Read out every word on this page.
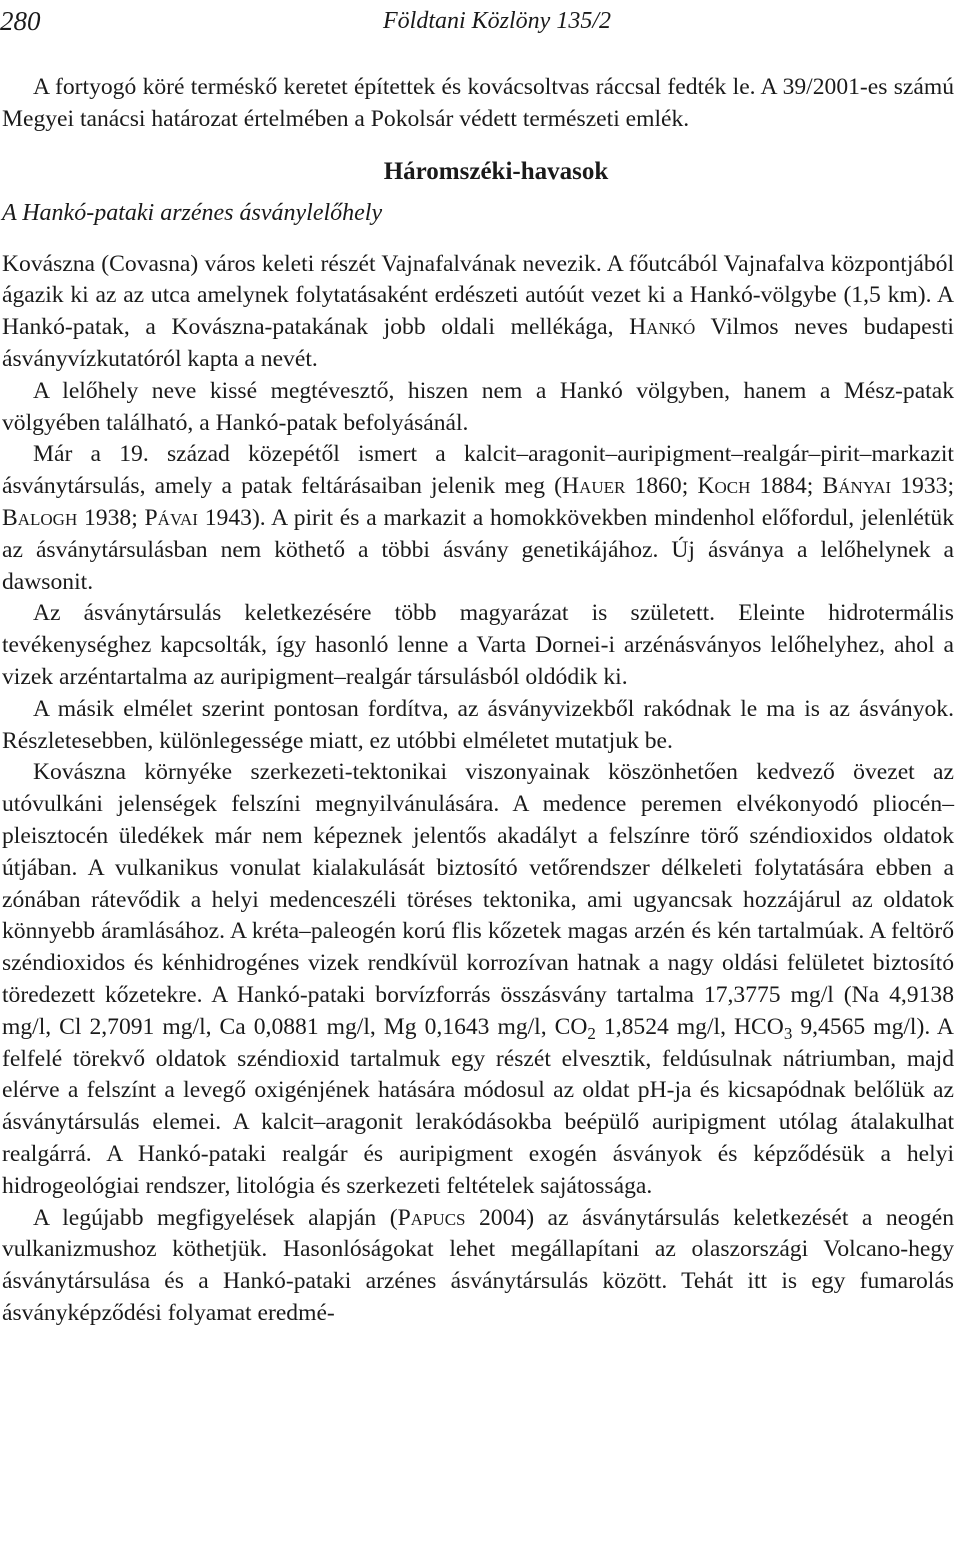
280	Földtani Közlöny 135/2

A fortyogó köré terméskő keretet építettek és kovácsoltvas ráccsal fedték le. A 39/2001-es számú Megyei tanácsi határozat értelmében a Pokolsár védett természeti emlék.

Háromszéki-havasok
A Hankó-pataki arzénes ásványlelőhely

Kovászna (Covasna) város keleti részét Vajnafalvának nevezik. A főutcából Vajnafalva központjából ágazik ki az az utca amelynek folytatásaként erdészeti autóút vezet ki a Hankó-völgybe (1,5 km). A Hankó-patak, a Kovászna-patakának jobb oldali mellékága, Hankó Vilmos neves budapesti ásványvízkutatóról kapta a nevét.

A lelőhely neve kissé megtévesztő, hiszen nem a Hankó völgyben, hanem a Mész-patak völgyében található, a Hankó-patak befolyásánál.

Már a 19. század közepétől ismert a kalcit–aragonit–auripigment–realgár–pirit–markazit ásványtársulás, amely a patak feltárásaiban jelenik meg (Hauer 1860; Koch 1884; Bányai 1933; Balogh 1938; Pávai 1943). A pirit és a markazit a homokkövekben mindenhol előfordul, jelenlétük az ásványtársulásban nem köthető a többi ásvány genetikájához. Új ásványa a lelőhelynek a dawsonit.

Az ásványtársulás keletkezésére több magyarázat is született. Eleinte hidrotermális tevékenységhez kapcsolták, így hasonló lenne a Varta Dornei-i arzénásványos lelőhelyhez, ahol a vizek arzéntartalma az auripigment–realgár társulásból oldódik ki.

A másik elmélet szerint pontosan fordítva, az ásványvizekből rakódnak le ma is az ásványok. Részletesebben, különlegessége miatt, ez utóbbi elméletet mutatjuk be.

Kovászna környéke szerkezeti-tektonikai viszonyainak köszönhetően kedvező övezet az utóvulkáni jelenségek felszíni megnyilvánulására. A medence peremen elvékonyodó pliocén–pleisztocén üledékek már nem képeznek jelentős akadályt a felszínre törő széndioxidos oldatok útjában. A vulkanikus vonulat kialakulását biztosító vetőrendszer délkeleti folytatására ebben a zónában rátevődik a helyi medenceszéli töréses tektonika, ami ugyancsak hozzájárul az oldatok könnyebb áramlásához. A kréta–paleogén korú flis kőzetek magas arzén és kén tartalmúak. A feltörő széndioxidos és kénhidrogénes vizek rendkívül korrozívan hatnak a nagy oldási felületet biztosító töredezett kőzetekre. A Hankó-pataki borvízforrás összásvány tartalma 17,3775 mg/l (Na 4,9138 mg/l, Cl 2,7091 mg/l, Ca 0,0881 mg/l, Mg 0,1643 mg/l, $CO_2$ 1,8524 mg/l, $HCO_3$ 9,4565 mg/l). A felfelé törekvő oldatok széndioxid tartalmuk egy részét elvesztik, feldúsulnak nátriumban, majd elérve a felszínt a levegő oxigénjének hatására módosul az oldat pH-ja és kicsapódnak belőlük az ásványtársulás elemei. A kalcit–aragonit lerakódásokba beépülő auripigment utólag átalakulhat realgárrá. A Hankó-pataki realgár és auripigment exogén ásványok és képződésük a helyi hidrogeológiai rendszer, litológia és szerkezeti feltételek sajátossága.

A legújabb megfigyelések alapján (Papucs 2004) az ásványtársulás keletkezését a neogén vulkanizmushoz köthetjük. Hasonlóságokat lehet megállapítani az olaszországi Volcano-hegy ásványtársulása és a Hankó-pataki arzénes ásványtársulás között. Tehát itt is egy fumarolás ásványképződési folyamat eredmé-
